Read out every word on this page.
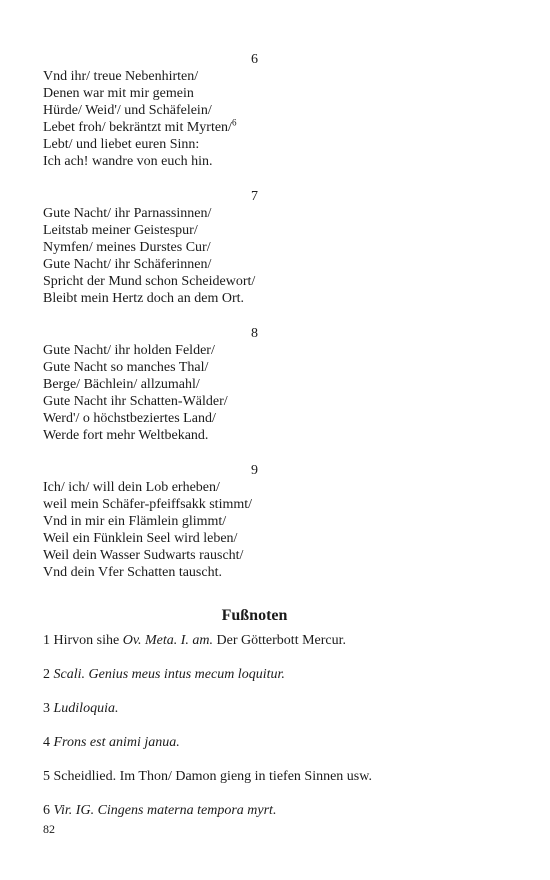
6
Vnd ihr/ treue Nebenhirten/
Denen war mit mir gemein
Hürde/ Weid'/ und Schäfelein/
Lebet froh/ bekräntzt mit Myrten/$^6$
Lebt/ und liebet euren Sinn:
Ich ach! wandre von euch hin.
7
Gute Nacht/ ihr Parnassinnen/
Leitstab meiner Geistespur/
Nymfen/ meines Durstes Cur/
Gute Nacht/ ihr Schäferinnen/
Spricht der Mund schon Scheidewort/
Bleibt mein Hertz doch an dem Ort.
8
Gute Nacht/ ihr holden Felder/
Gute Nacht so manches Thal/
Berge/ Bächlein/ allzumahl/
Gute Nacht ihr Schatten-Wälder/
Werd'/ o höchstbeziertes Land/
Werde fort mehr Weltbekand.
9
Ich/ ich/ will dein Lob erheben/
weil mein Schäfer-pfeiffsakk stimmt/
Vnd in mir ein Flämlein glimmt/
Weil ein Fünklein Seel wird leben/
Weil dein Wasser Sudwarts rauscht/
Vnd dein Vfer Schatten tauscht.
Fußnoten
1 Hirvon sihe Ov. Meta. I. am. Der Götterbott Mercur.
2 Scali. Genius meus intus mecum loquitur.
3 Ludiloquia.
4 Frons est animi janua.
5 Scheidlied. Im Thon/ Damon gieng in tiefen Sinnen usw.
6 Vir. IG. Cingens materna tempora myrt.
82
